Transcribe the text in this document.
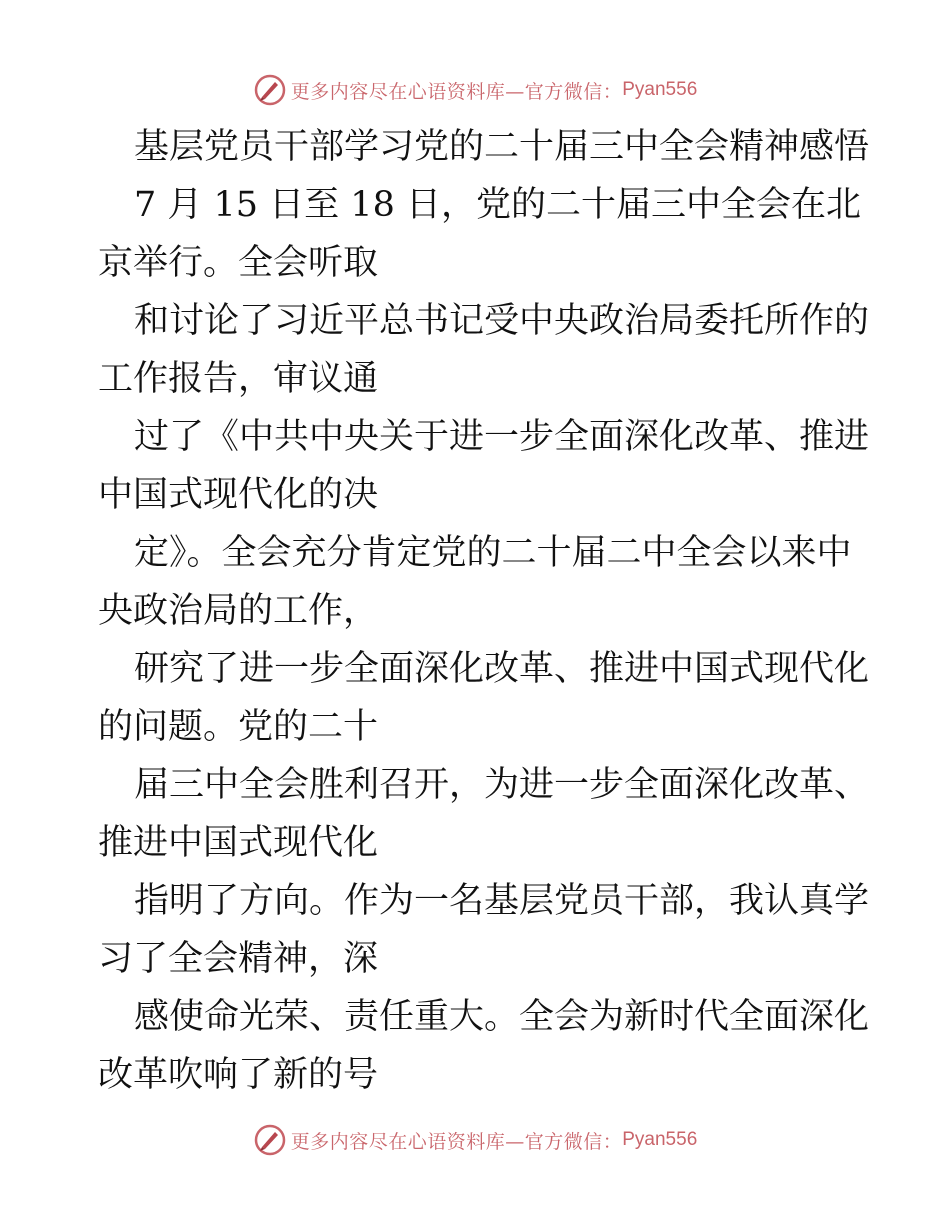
更多内容尽在心语资料库—官方微信： Pyan556
基层党员干部学习党的二十届三中全会精神感悟
7 月 15 日至 18 日，党的二十届三中全会在北
京举行。全会听取
和讨论了习近平总书记受中央政治局委托所作的
工作报告，审议通
过了《中共中央关于进一步全面深化改革、推进
中国式现代化的决
定》。全会充分肯定党的二十届二中全会以来中
央政治局的工作，
研究了进一步全面深化改革、推进中国式现代化
的问题。党的二十
届三中全会胜利召开，为进一步全面深化改革、
推进中国式现代化
指明了方向。作为一名基层党员干部，我认真学
习了全会精神，深
感使命光荣、责任重大。全会为新时代全面深化
改革吹响了新的号
更多内容尽在心语资料库—官方微信： Pyan556
